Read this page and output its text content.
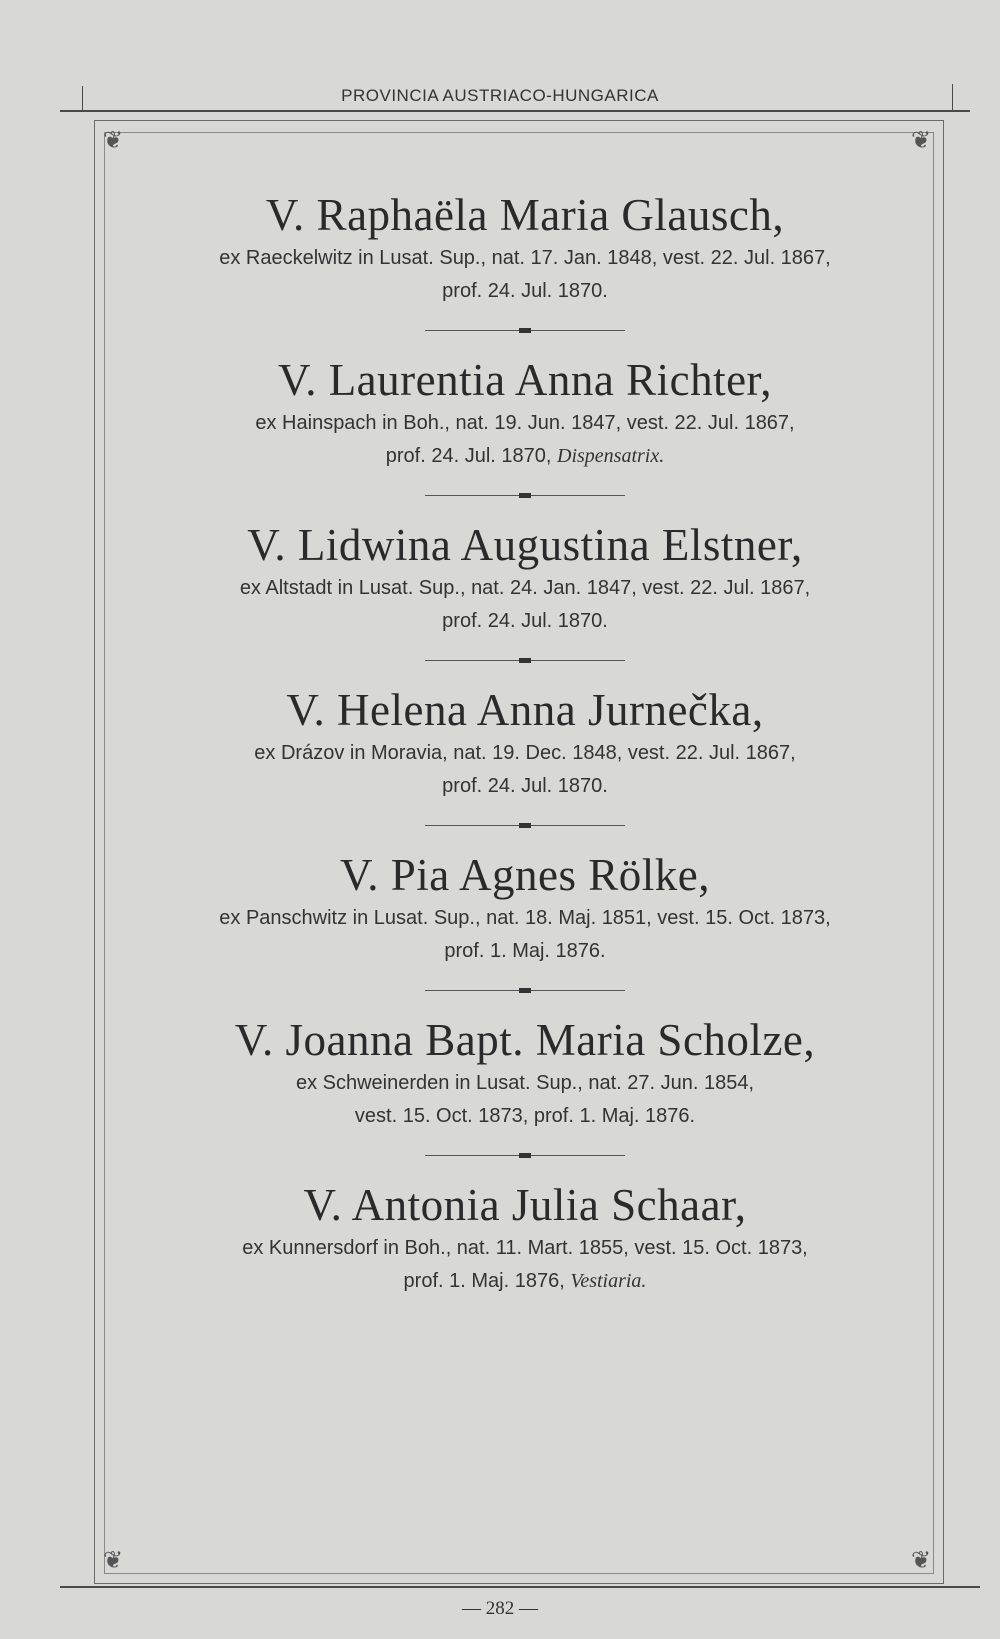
PROVINCIA AUSTRIACO-HUNGARICA
❦	❦
V. Raphaëla Maria Glausch,
ex Raeckelwitz in Lusat. Sup., nat. 17. Jan. 1848, vest. 22. Jul. 1867,
prof. 24. Jul. 1870.
V. Laurentia Anna Richter,
ex Hainspach in Boh., nat. 19. Jun. 1847, vest. 22. Jul. 1867,
prof. 24. Jul. 1870, Dispensatrix.
V. Lidwina Augustina Elstner,
ex Altstadt in Lusat. Sup., nat. 24. Jan. 1847, vest. 22. Jul. 1867,
prof. 24. Jul. 1870.
V. Helena Anna Jurnečka,
ex Drázov in Moravia, nat. 19. Dec. 1848, vest. 22. Jul. 1867,
prof. 24. Jul. 1870.
V. Pia Agnes Rölke,
ex Panschwitz in Lusat. Sup., nat. 18. Maj. 1851, vest. 15. Oct. 1873,
prof. 1. Maj. 1876.
V. Joanna Bapt. Maria Scholze,
ex Schweinerden in Lusat. Sup., nat. 27. Jun. 1854,
vest. 15. Oct. 1873, prof. 1. Maj. 1876.
V. Antonia Julia Schaar,
ex Kunnersdorf in Boh., nat. 11. Mart. 1855, vest. 15. Oct. 1873,
prof. 1. Maj. 1876, Vestiaria.
— 282 —
❦	❦
